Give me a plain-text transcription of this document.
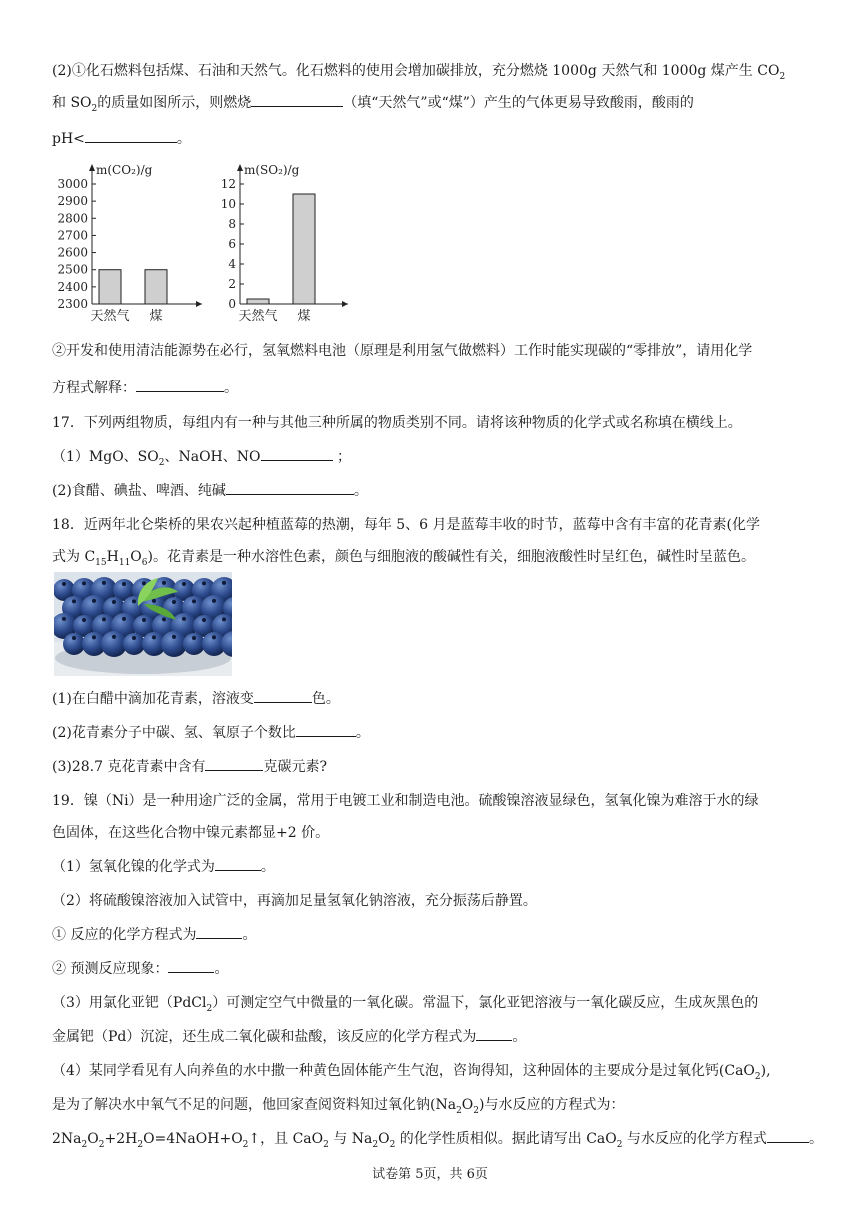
(2)①化石燃料包括煤、石油和天然气。化石燃料的使用会增加碳排放，充分燃烧 1000g 天然气和 1000g 煤产生 $CO_2$
和 $SO_2$的质量如图所示，则燃烧	（填“天然气”或“煤”）产生的气体更易导致酸雨，酸雨的
pH<	。
m(CO₂)/g
2300
2400
2500
2600
2700
2800
2900
3000
天然气 煤
m(SO₂)/g
0
2
4
6
8
10
12
天然气 煤
②开发和使用清洁能源势在必行，氢氧燃料电池（原理是利用氢气做燃料）工作时能实现碳的“零排放”，请用化学
方程式解释：	。
17．下列两组物质，每组内有一种与其他三种所属的物质类别不同。请将该种物质的化学式或名称填在横线上。
（1）MgO、$SO_2$、NaOH、NO	；
(2)食醋、碘盐、啤酒、纯碱	。
18．近两年北仑柴桥的果农兴起种植蓝莓的热潮，每年 5、6 月是蓝莓丰收的时节，蓝莓中含有丰富的花青素(化学
式为 $C_{15}H_{11}O_6$)。花青素是一种水溶性色素，颜色与细胞液的酸碱性有关，细胞液酸性时呈红色，碱性时呈蓝色。
(1)在白醋中滴加花青素，溶液变	色。
(2)花青素分子中碳、氢、氧原子个数比	。
(3)28.7 克花青素中含有	克碳元素?
19．镍（Ni）是一种用途广泛的金属，常用于电镀工业和制造电池。硫酸镍溶液显绿色，氢氧化镍为难溶于水的绿
色固体，在这些化合物中镍元素都显+2 价。
（1）氢氧化镍的化学式为	。
（2）将硫酸镍溶液加入试管中，再滴加足量氢氧化钠溶液，充分振荡后静置。
① 反应的化学方程式为	。
② 预测反应现象：	。
（3）用氯化亚钯（PdCl$_2$）可测定空气中微量的一氧化碳。常温下，氯化亚钯溶液与一氧化碳反应，生成灰黑色的
金属钯（Pd）沉淀，还生成二氧化碳和盐酸，该反应的化学方程式为	。
（4）某同学看见有人向养鱼的水中撒一种黄色固体能产生气泡，咨询得知，这种固体的主要成分是过氧化钙(CaO$_2$),
是为了解决水中氧气不足的问题，他回家查阅资料知过氧化钠$(Na_2O_2)$与水反应的方程式为：
$2Na_2O_2+2H_2O=4NaOH+O_2↑$，且 CaO$_2$ 与 $Na_2O_2$ 的化学性质相似。据此请写出 CaO$_2$ 与水反应的化学方程式	。
试卷第 5页，共 6页
